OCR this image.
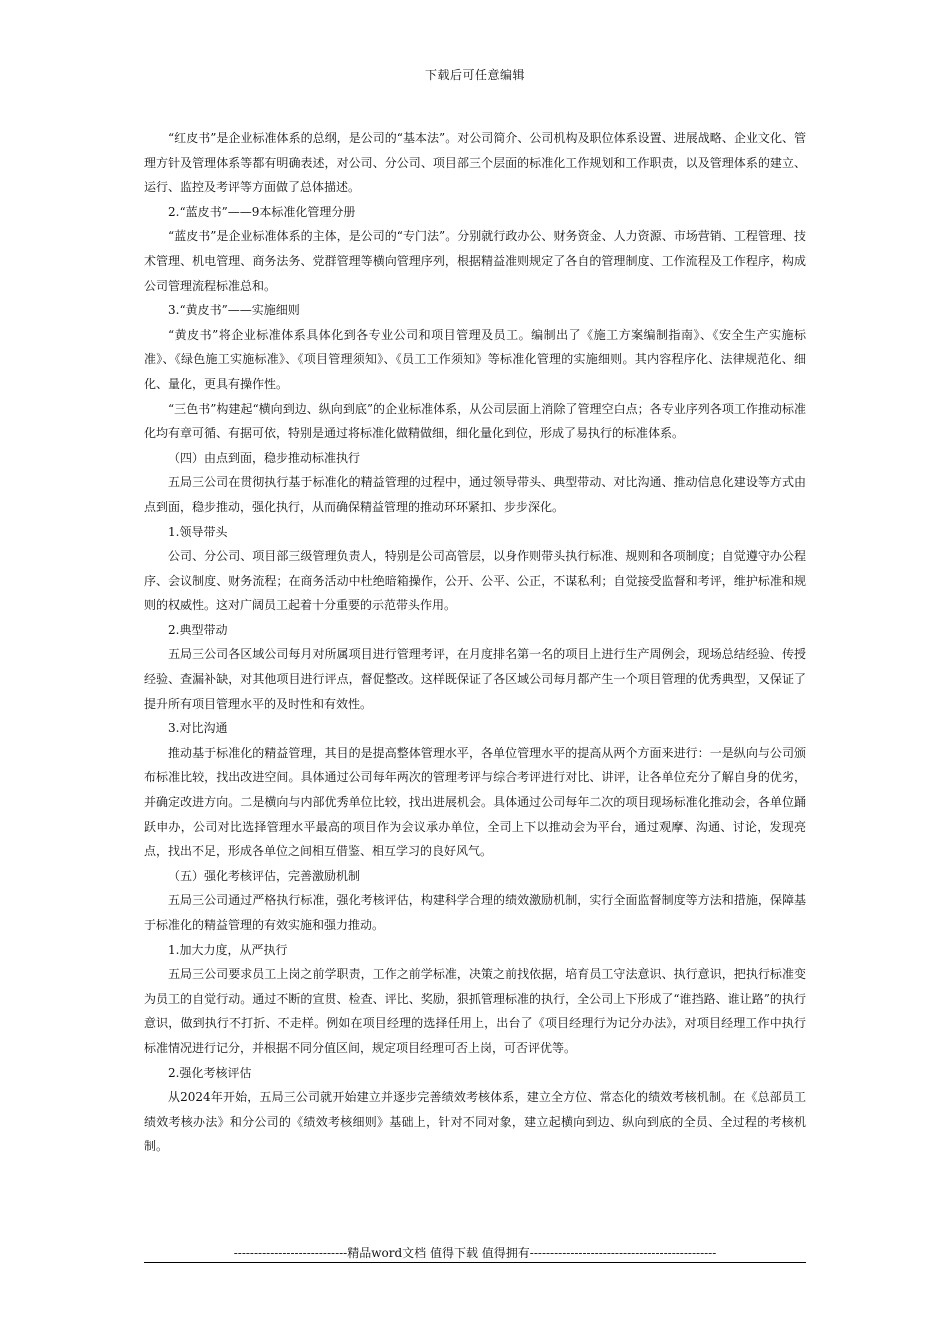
下载后可任意编辑

“红皮书”是企业标准体系的总纲，是公司的“基本法”。对公司简介、公司机构及职位体系设置、进展战略、企业文化、管理方针及管理体系等都有明确表述，对公司、分公司、项目部三个层面的标准化工作规划和工作职责，以及管理体系的建立、运行、监控及考评等方面做了总体描述。

2.“蓝皮书”——9本标准化管理分册

“蓝皮书”是企业标准体系的主体，是公司的“专门法”。分别就行政办公、财务资金、人力资源、市场营销、工程管理、技术管理、机电管理、商务法务、党群管理等横向管理序列，根据精益准则规定了各自的管理制度、工作流程及工作程序，构成公司管理流程标准总和。

3.“黄皮书”——实施细则

“黄皮书”将企业标准体系具体化到各专业公司和项目管理及员工。编制出了《施工方案编制指南》、《安全生产实施标准》、《绿色施工实施标准》、《项目管理须知》、《员工工作须知》等标准化管理的实施细则。其内容程序化、法律规范化、细化、量化，更具有操作性。

“三色书”构建起“横向到边、纵向到底”的企业标准体系，从公司层面上消除了管理空白点；各专业序列各项工作推动标准化均有章可循、有据可依，特别是通过将标准化做精做细，细化量化到位，形成了易执行的标准体系。

（四）由点到面，稳步推动标准执行

五局三公司在贯彻执行基于标准化的精益管理的过程中，通过领导带头、典型带动、对比沟通、推动信息化建设等方式由点到面，稳步推动，强化执行，从而确保精益管理的推动环环紧扣、步步深化。

1.领导带头

公司、分公司、项目部三级管理负责人，特别是公司高管层，以身作则带头执行标准、规则和各项制度；自觉遵守办公程序、会议制度、财务流程；在商务活动中杜绝暗箱操作，公开、公平、公正，不谋私利；自觉接受监督和考评，维护标准和规则的权威性。这对广阔员工起着十分重要的示范带头作用。

2.典型带动

五局三公司各区域公司每月对所属项目进行管理考评，在月度排名第一名的项目上进行生产周例会，现场总结经验、传授经验、查漏补缺，对其他项目进行评点，督促整改。这样既保证了各区域公司每月都产生一个项目管理的优秀典型，又保证了提升所有项目管理水平的及时性和有效性。

3.对比沟通

推动基于标准化的精益管理，其目的是提高整体管理水平，各单位管理水平的提高从两个方面来进行：一是纵向与公司颁布标准比较，找出改进空间。具体通过公司每年两次的管理考评与综合考评进行对比、讲评，让各单位充分了解自身的优劣，并确定改进方向。二是横向与内部优秀单位比较，找出进展机会。具体通过公司每年二次的项目现场标准化推动会，各单位踊跃申办，公司对比选择管理水平最高的项目作为会议承办单位，全司上下以推动会为平台，通过观摩、沟通、讨论，发现亮点，找出不足，形成各单位之间相互借鉴、相互学习的良好风气。

（五）强化考核评估，完善激励机制

五局三公司通过严格执行标准，强化考核评估，构建科学合理的绩效激励机制，实行全面监督制度等方法和措施，保障基于标准化的精益管理的有效实施和强力推动。

1.加大力度，从严执行

五局三公司要求员工上岗之前学职责，工作之前学标准，决策之前找依据，培育员工守法意识、执行意识，把执行标准变为员工的自觉行动。通过不断的宣贯、检查、评比、奖励，狠抓管理标准的执行，全公司上下形成了“谁挡路、谁让路”的执行意识，做到执行不打折、不走样。例如在项目经理的选择任用上，出台了《项目经理行为记分办法》，对项目经理工作中执行标准情况进行记分，并根据不同分值区间，规定项目经理可否上岗，可否评优等。

2.强化考核评估

从2024年开始，五局三公司就开始建立并逐步完善绩效考核体系，建立全方位、常态化的绩效考核机制。在《总部员工绩效考核办法》和分公司的《绩效考核细则》基础上，针对不同对象，建立起横向到边、纵向到底的全员、全过程的考核机制。

----------------------------精品word文档 值得下载 值得拥有----------------------------------------------
